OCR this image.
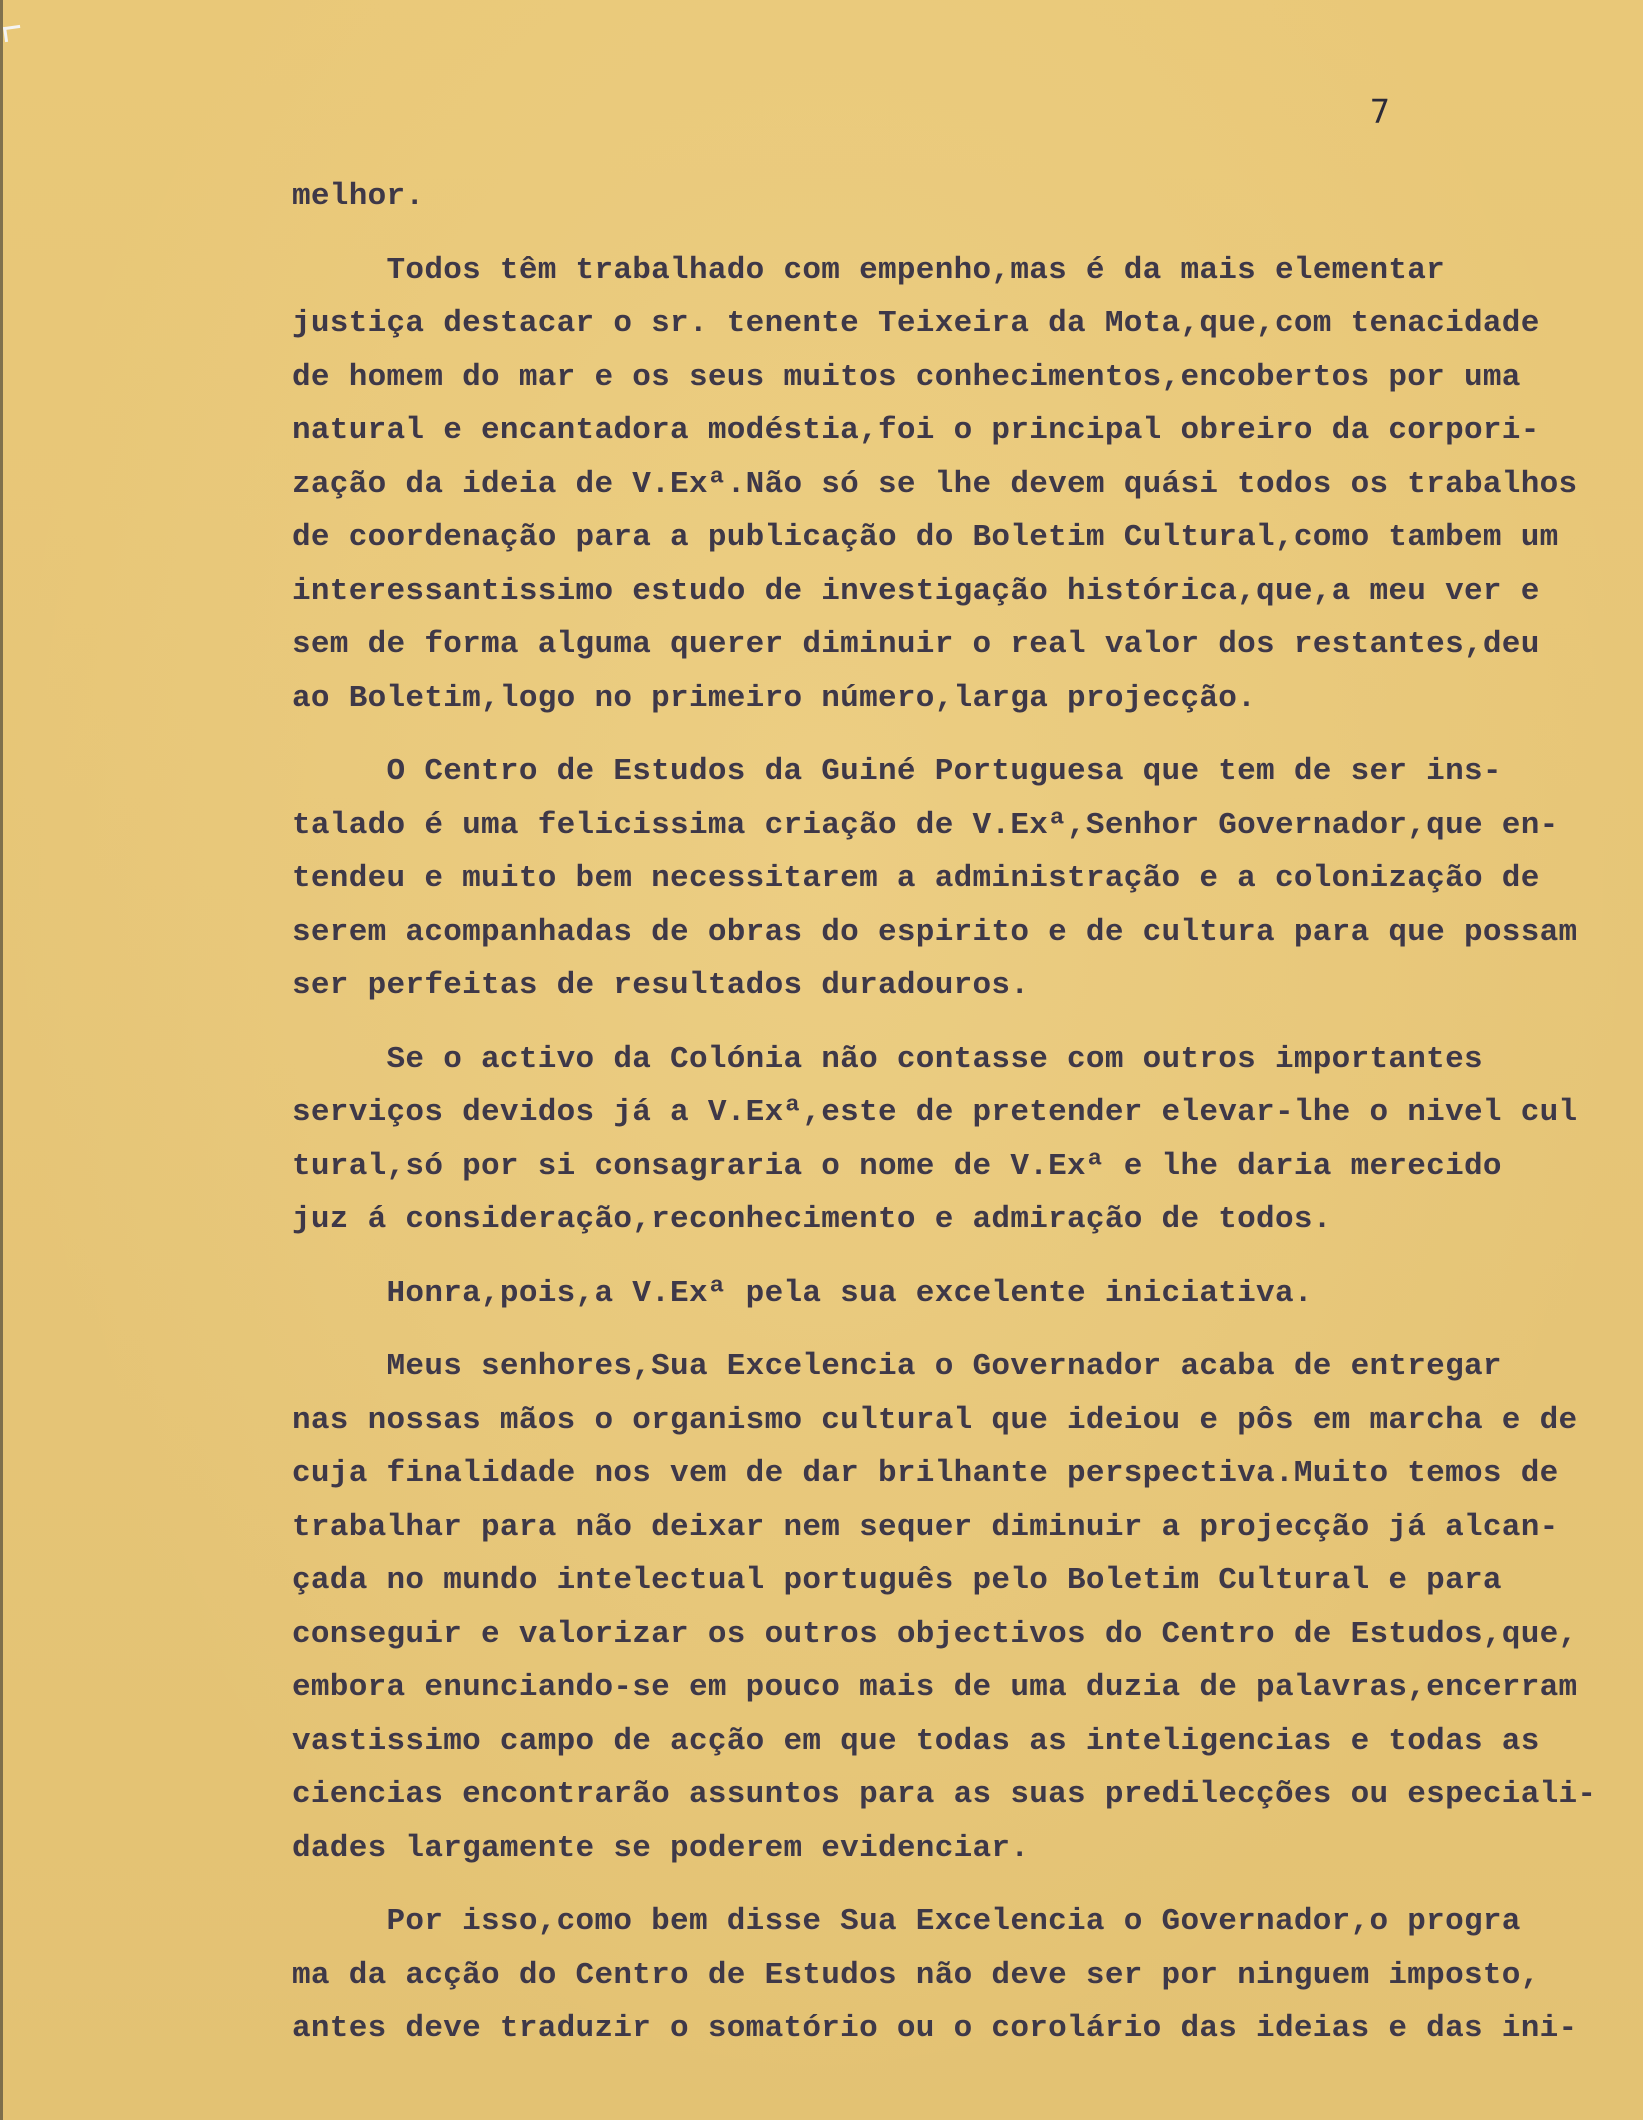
7
melhor.
Todos têm trabalhado com empenho,mas é da mais elementar
justiça destacar o sr. tenente Teixeira da Mota,que,com tenacidade
de homem do mar e os seus muitos conhecimentos,encobertos por uma
natural e encantadora modéstia,foi o principal obreiro da corpori-
zação da ideia de V.Exª.Não só se lhe devem quási todos os trabalhos
de coordenação para a publicação do Boletim Cultural,como tambem um
interessantissimo estudo de investigação histórica,que,a meu ver e
sem de forma alguma querer diminuir o real valor dos restantes,deu
ao Boletim,logo no primeiro número,larga projecção.
O Centro de Estudos da Guiné Portuguesa que tem de ser ins-
talado é uma felicissima criação de V.Exª,Senhor Governador,que en-
tendeu e muito bem necessitarem a administração e a colonização de
serem acompanhadas de obras do espirito e de cultura para que possam
ser perfeitas de resultados duradouros.
Se o activo da Colónia não contasse com outros importantes
serviços devidos já a V.Exª,este de pretender elevar-lhe o nivel cul
tural,só por si consagraria o nome de V.Exª e lhe daria merecido
juz á consideração,reconhecimento e admiração de todos.
Honra,pois,a V.Exª pela sua excelente iniciativa.
Meus senhores,Sua Excelencia o Governador acaba de entregar
nas nossas mãos o organismo cultural que ideiou e pôs em marcha e de
cuja finalidade nos vem de dar brilhante perspectiva.Muito temos de
trabalhar para não deixar nem sequer diminuir a projecção já alcan-
çada no mundo intelectual português pelo Boletim Cultural e para
conseguir e valorizar os outros objectivos do Centro de Estudos,que,
embora enunciando-se em pouco mais de uma duzia de palavras,encerram
vastissimo campo de acção em que todas as inteligencias e todas as
ciencias encontrarão assuntos para as suas predilecções ou especiali-
dades largamente se poderem evidenciar.
Por isso,como bem disse Sua Excelencia o Governador,o progra
ma da acção do Centro de Estudos não deve ser por ninguem imposto,
antes deve traduzir o somatório ou o corolário das ideias e das ini-
